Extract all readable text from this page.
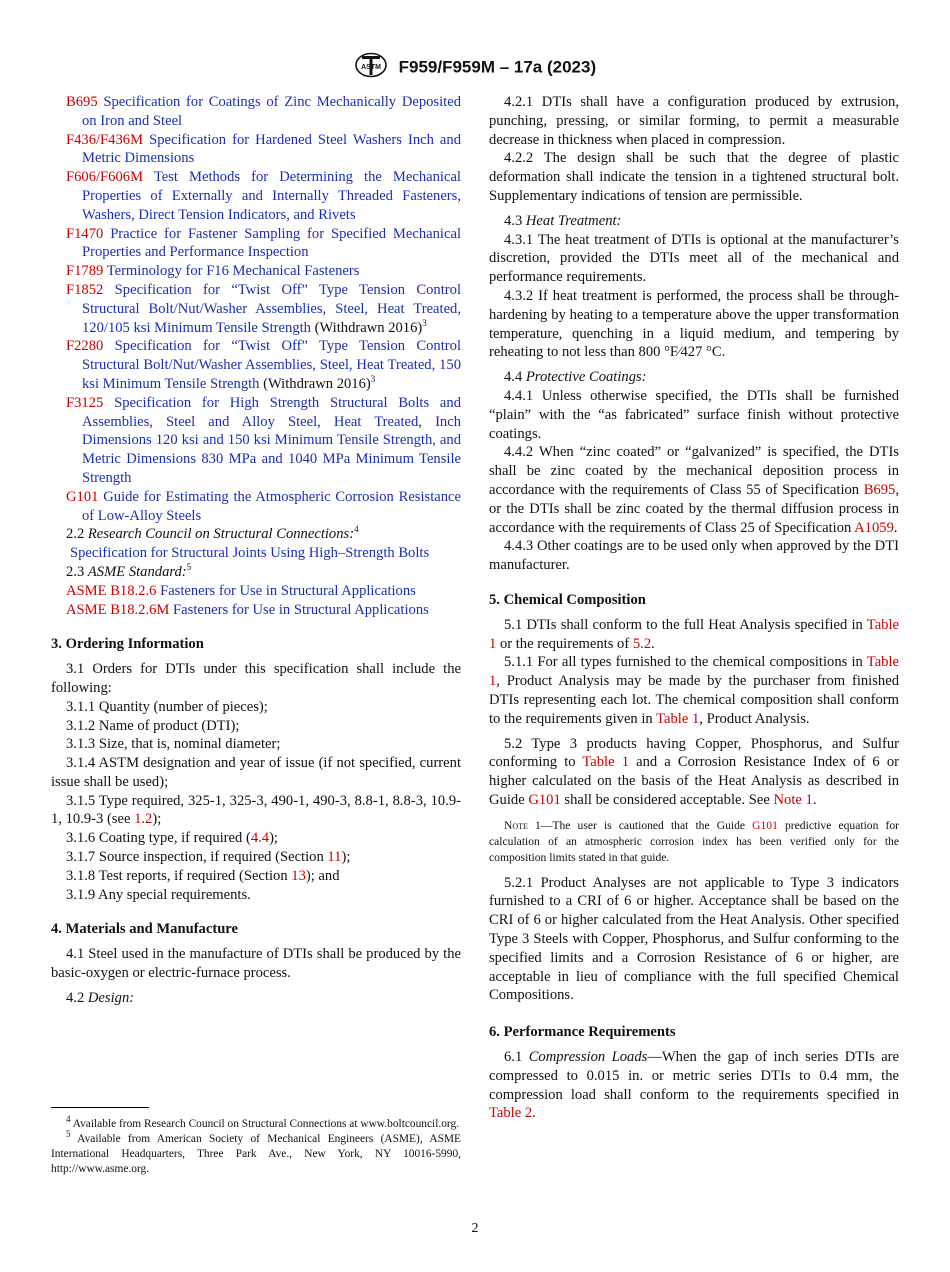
ASTM F959/F959M – 17a (2023)

B695 Specification for Coatings of Zinc Mechanically Deposited on Iron and Steel

F436/F436M Specification for Hardened Steel Washers Inch and Metric Dimensions

F606/F606M Test Methods for Determining the Mechanical Properties of Externally and Internally Threaded Fasteners, Washers, Direct Tension Indicators, and Rivets

F1470 Practice for Fastener Sampling for Specified Mechanical Properties and Performance Inspection

F1789 Terminology for F16 Mechanical Fasteners

F1852 Specification for “Twist Off” Type Tension Control Structural Bolt/Nut/Washer Assemblies, Steel, Heat Treated, 120/105 ksi Minimum Tensile Strength (Withdrawn 2016)$^3$

F2280 Specification for “Twist Off” Type Tension Control Structural Bolt/Nut/Washer Assemblies, Steel, Heat Treated, 150 ksi Minimum Tensile Strength (Withdrawn 2016)$^3$

F3125 Specification for High Strength Structural Bolts and Assemblies, Steel and Alloy Steel, Heat Treated, Inch Dimensions 120 ksi and 150 ksi Minimum Tensile Strength, and Metric Dimensions 830 MPa and 1040 MPa Minimum Tensile Strength

G101 Guide for Estimating the Atmospheric Corrosion Resistance of Low-Alloy Steels

2.2 Research Council on Structural Connections:$^4$

Specification for Structural Joints Using High–Strength Bolts

2.3 ASME Standard:$^5$

ASME B18.2.6 Fasteners for Use in Structural Applications

ASME B18.2.6M Fasteners for Use in Structural Applications

3. Ordering Information

3.1 Orders for DTIs under this specification shall include the following:

3.1.1 Quantity (number of pieces);

3.1.2 Name of product (DTI);

3.1.3 Size, that is, nominal diameter;

3.1.4 ASTM designation and year of issue (if not specified, current issue shall be used);

3.1.5 Type required, 325-1, 325-3, 490-1, 490-3, 8.8-1, 8.8-3, 10.9-1, 10.9-3 (see 1.2);

3.1.6 Coating type, if required (4.4);

3.1.7 Source inspection, if required (Section 11);

3.1.8 Test reports, if required (Section 13); and

3.1.9 Any special requirements.

4. Materials and Manufacture

4.1 Steel used in the manufacture of DTIs shall be produced by the basic-oxygen or electric-furnace process.

4.2 Design:

4.2.1 DTIs shall have a configuration produced by extrusion, punching, pressing, or similar forming, to permit a measurable decrease in thickness when placed in compression.

4.2.2 The design shall be such that the degree of plastic deformation shall indicate the tension in a tightened structural bolt. Supplementary indications of tension are permissible.

4.3 Heat Treatment:

4.3.1 The heat treatment of DTIs is optional at the manufacturer’s discretion, provided the DTIs meet all of the mechanical and performance requirements.

4.3.2 If heat treatment is performed, the process shall be through-hardening by heating to a temperature above the upper transformation temperature, quenching in a liquid medium, and tempering by reheating to not less than 800 °F⁄427 °C.

4.4 Protective Coatings:

4.4.1 Unless otherwise specified, the DTIs shall be furnished “plain” with the “as fabricated” surface finish without protective coatings.

4.4.2 When “zinc coated” or “galvanized” is specified, the DTIs shall be zinc coated by the mechanical deposition process in accordance with the requirements of Class 55 of Specification B695, or the DTIs shall be zinc coated by the thermal diffusion process in accordance with the requirements of Class 25 of Specification A1059.

4.4.3 Other coatings are to be used only when approved by the DTI manufacturer.

5. Chemical Composition

5.1 DTIs shall conform to the full Heat Analysis specified in Table 1 or the requirements of 5.2.

5.1.1 For all types furnished to the chemical compositions in Table 1, Product Analysis may be made by the purchaser from finished DTIs representing each lot. The chemical composition shall conform to the requirements given in Table 1, Product Analysis.

5.2 Type 3 products having Copper, Phosphorus, and Sulfur conforming to Table 1 and a Corrosion Resistance Index of 6 or higher calculated on the basis of the Heat Analysis as described in Guide G101 shall be considered acceptable. See Note 1.

Note 1—The user is cautioned that the Guide G101 predictive equation for calculation of an atmospheric corrosion index has been verified only for the composition limits stated in that guide.

5.2.1 Product Analyses are not applicable to Type 3 indicators furnished to a CRI of 6 or higher. Acceptance shall be based on the CRI of 6 or higher calculated from the Heat Analysis. Other specified Type 3 Steels with Copper, Phosphorus, and Sulfur conforming to the specified limits and a Corrosion Resistance of 6 or higher, are acceptable in lieu of compliance with the full specified Chemical Compositions.

6. Performance Requirements

6.1 Compression Loads—When the gap of inch series DTIs are compressed to 0.015 in. or metric series DTIs to 0.4 mm, the compression load shall conform to the requirements specified in Table 2.

$^4$ Available from Research Council on Structural Connections at www.boltcouncil.org.

$^5$ Available from American Society of Mechanical Engineers (ASME), ASME International Headquarters, Three Park Ave., New York, NY 10016-5990, http://www.asme.org.

2
